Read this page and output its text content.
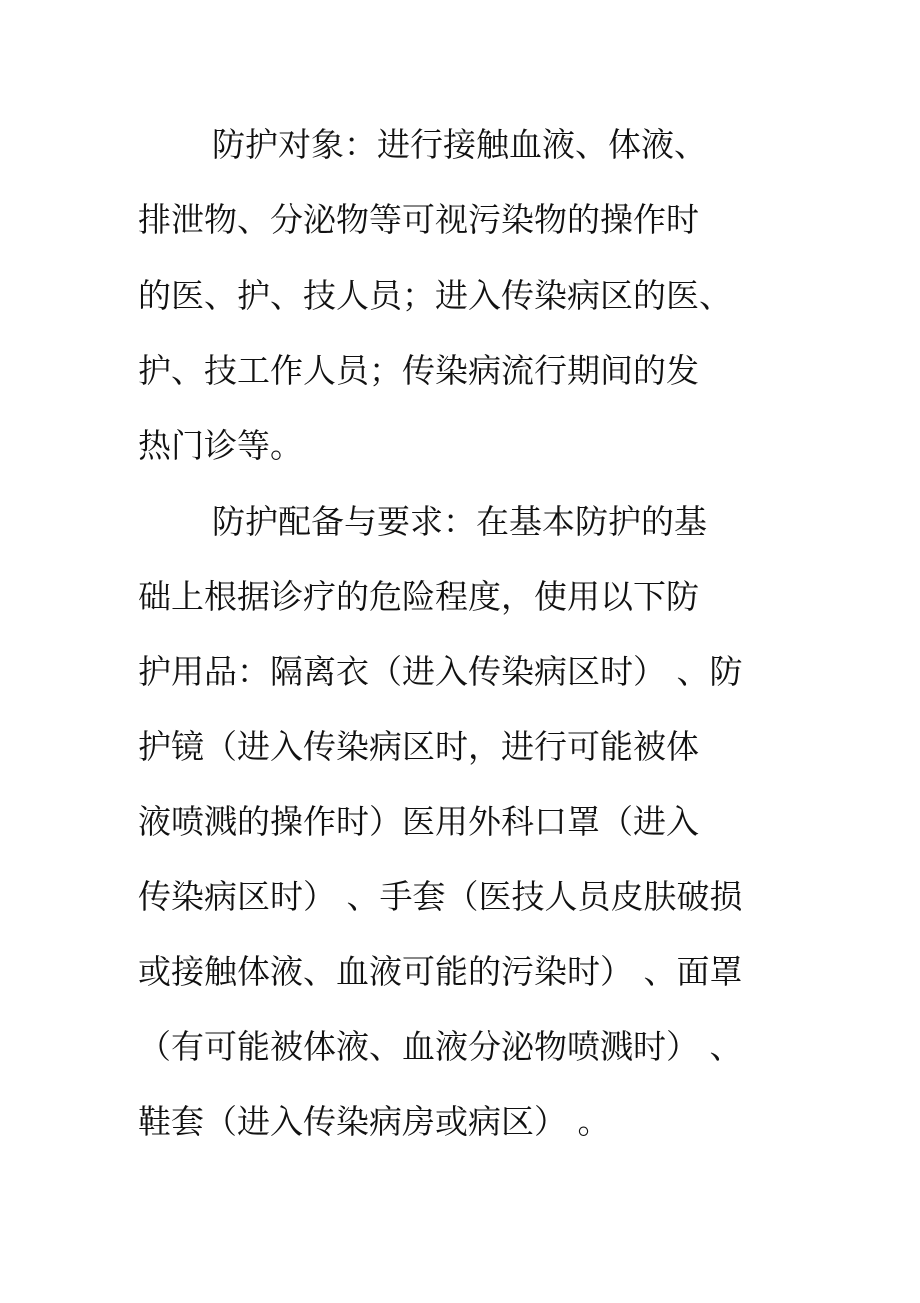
防护对象：进行接触血液、体液、
排泄物、分泌物等可视污染物的操作时
的医、护、技人员；进入传染病区的医、
护、技工作人员；传染病流行期间的发
热门诊等。
防护配备与要求：在基本防护的基
础上根据诊疗的危险程度，使用以下防
护用品：隔离衣（进入传染病区时） 、防
护镜（进入传染病区时，进行可能被体
液喷溅的操作时）医用外科口罩（进入
传染病区时） 、手套（医技人员皮肤破损
或接触体液、血液可能的污染时） 、面罩
（有可能被体液、血液分泌物喷溅时） 、
鞋套（进入传染病房或病区） 。
